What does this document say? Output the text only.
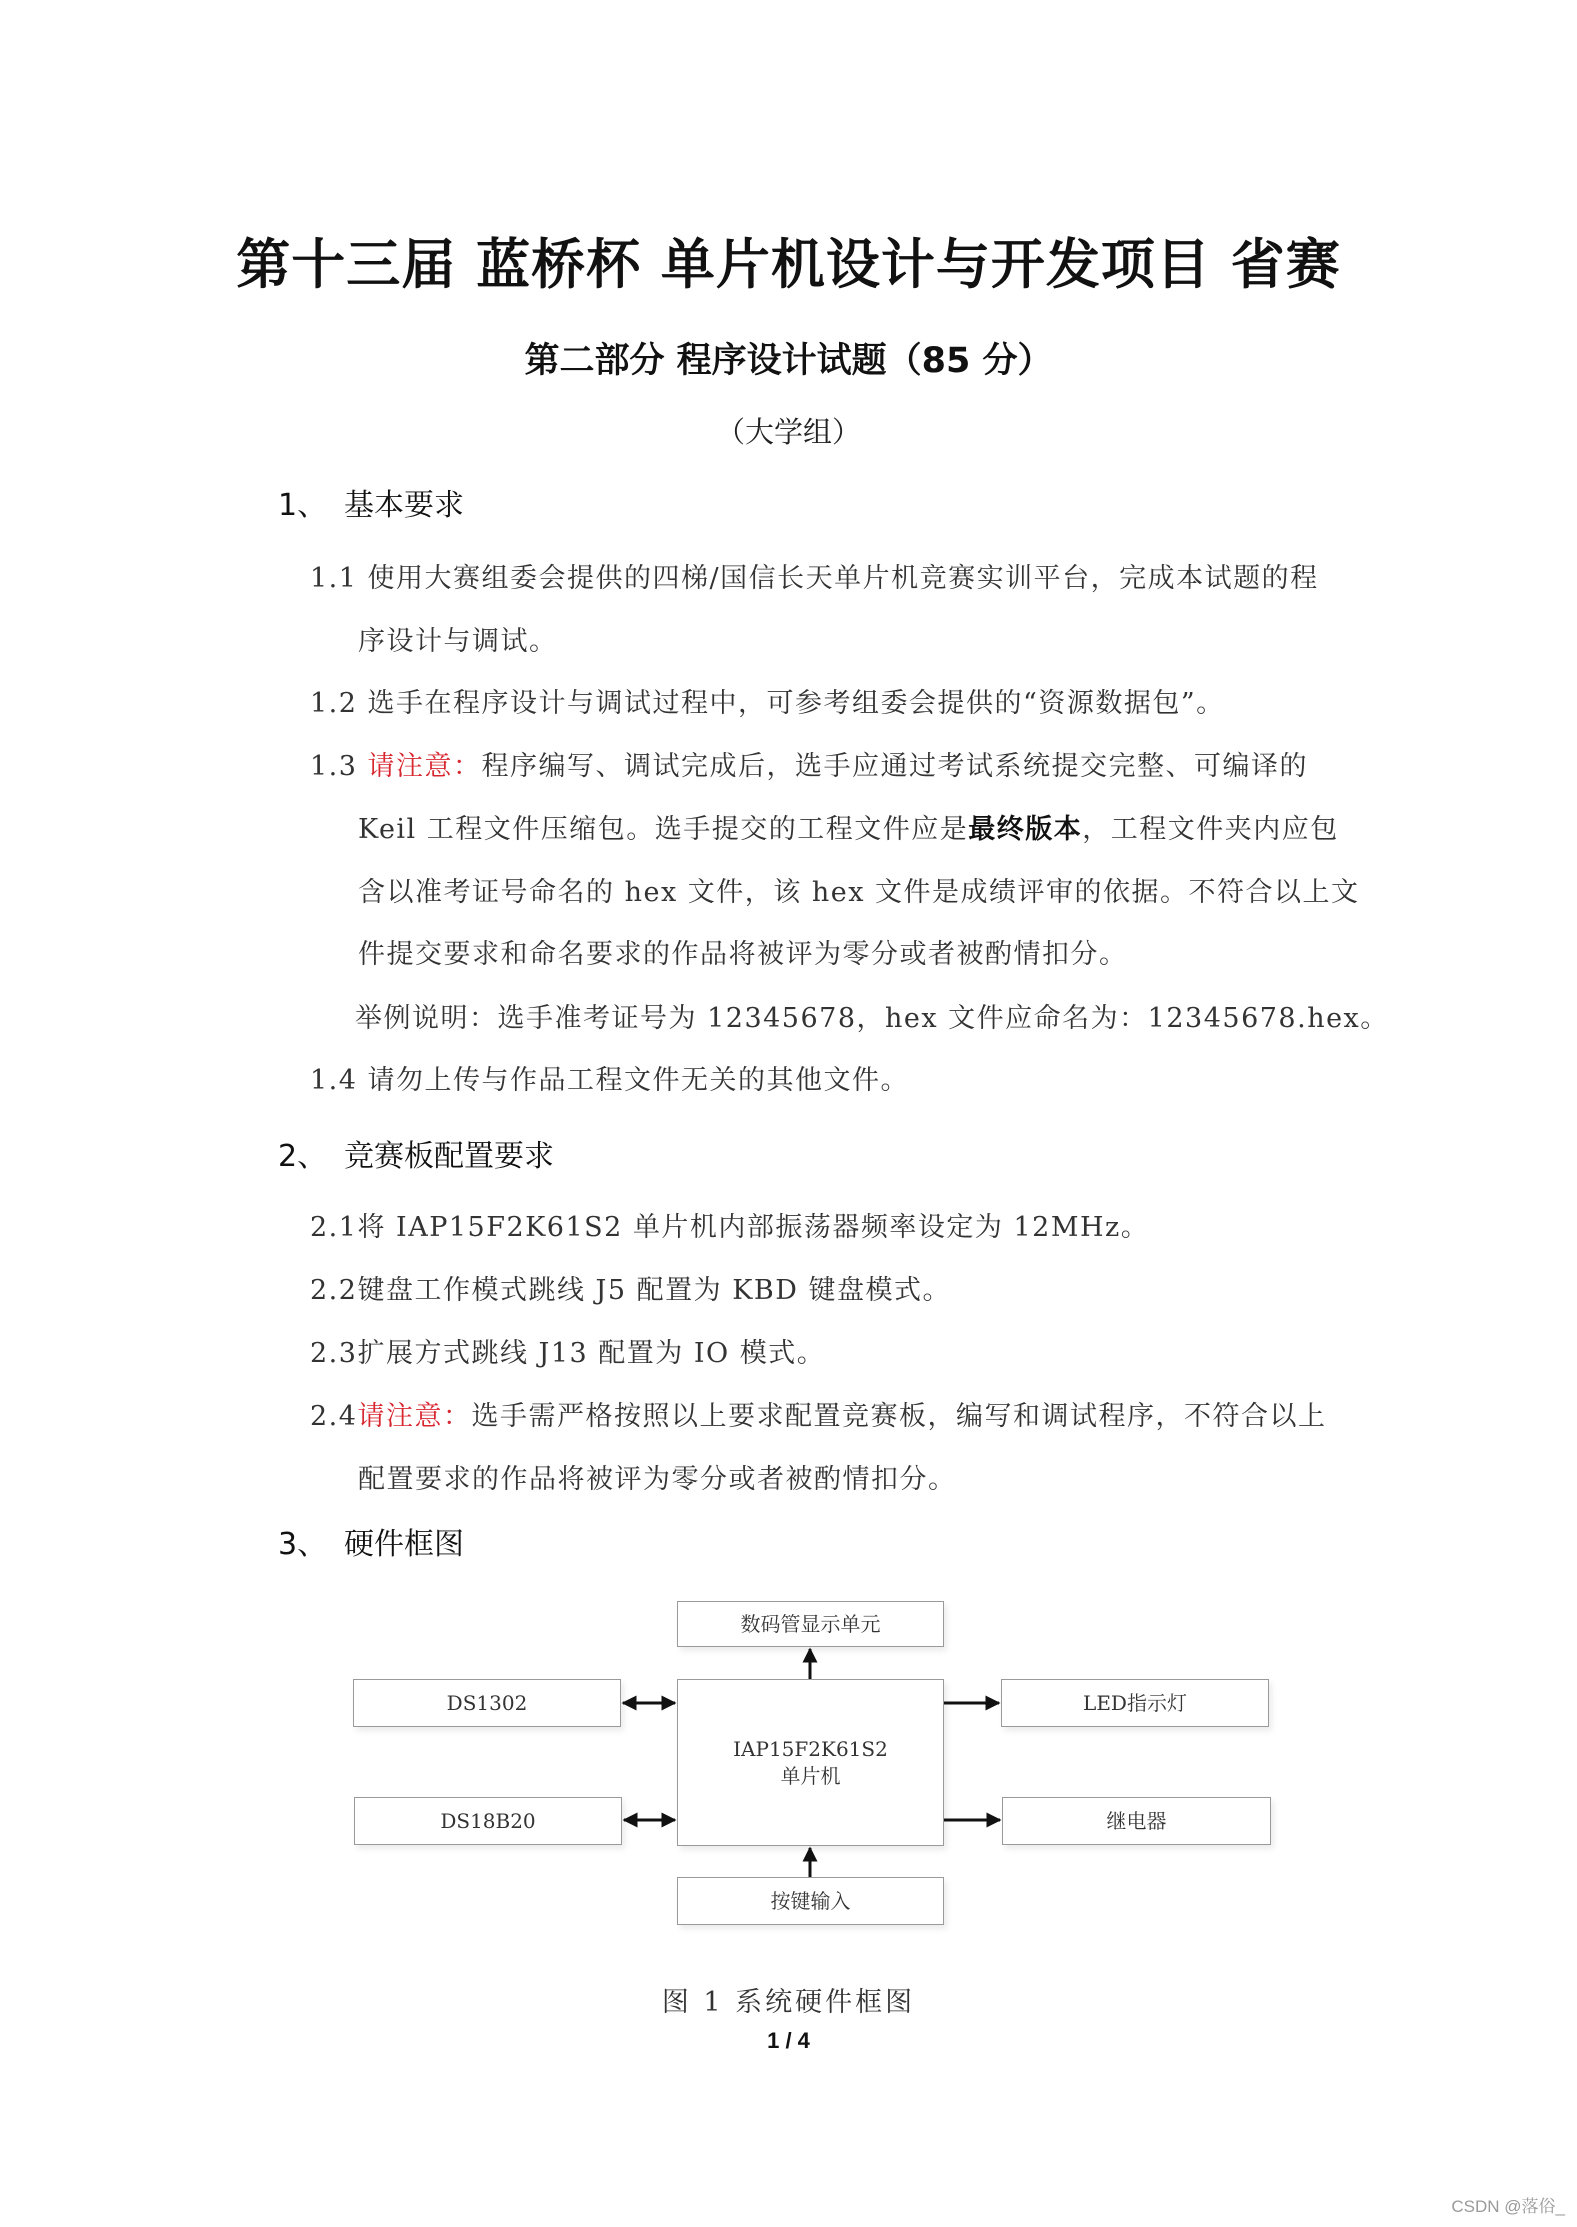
第十三届 蓝桥杯 单片机设计与开发项目 省赛
第二部分 程序设计试题（85 分）
（大学组）
1、 基本要求
1.1 使用大赛组委会提供的四梯/国信长天单片机竞赛实训平台，完成本试题的程
序设计与调试。
1.2 选手在程序设计与调试过程中，可参考组委会提供的“资源数据包”。
1.3 请注意：程序编写、调试完成后，选手应通过考试系统提交完整、可编译的
Keil 工程文件压缩包。选手提交的工程文件应是最终版本，工程文件夹内应包
含以准考证号命名的 hex 文件，该 hex 文件是成绩评审的依据。不符合以上文
件提交要求和命名要求的作品将被评为零分或者被酌情扣分。
举例说明：选手准考证号为 12345678，hex 文件应命名为：12345678.hex。
1.4 请勿上传与作品工程文件无关的其他文件。
2、 竞赛板配置要求
2.1将 IAP15F2K61S2 单片机内部振荡器频率设定为 12MHz。
2.2键盘工作模式跳线 J5 配置为 KBD 键盘模式。
2.3扩展方式跳线 J13 配置为 IO 模式。
2.4请注意：选手需严格按照以上要求配置竞赛板，编写和调试程序，不符合以上
配置要求的作品将被评为零分或者被酌情扣分。
3、 硬件框图
数码管显示单元
DS1302
DS18B20
IAP15F2K61S2
单片机
LED指示灯
继电器
按键输入
图 1 系统硬件框图
1 / 4
CSDN @落俗_
